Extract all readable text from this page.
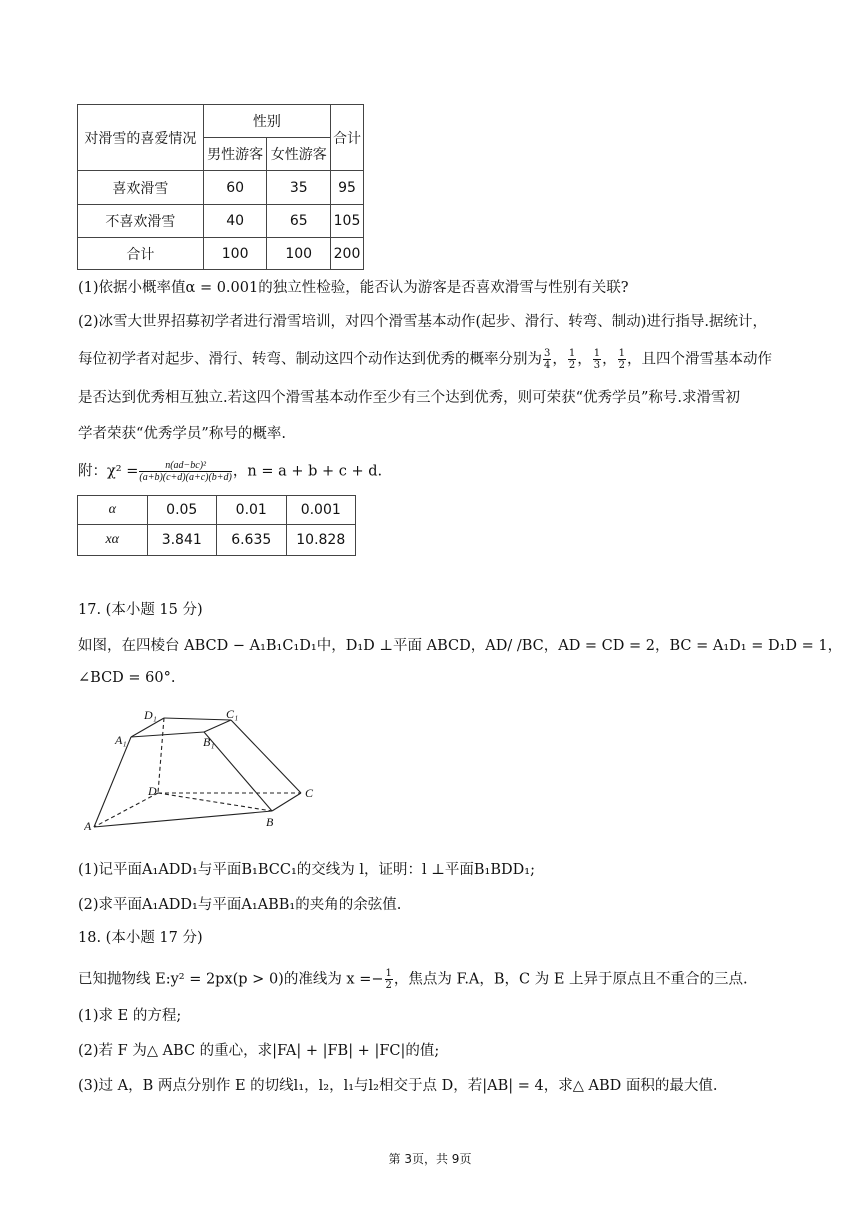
对滑雪的喜爱情况	性别		合计
	男性游客	女性游客	
喜欢滑雪	60	35	95
不喜欢滑雪	40	65	105
合计	100	100	200
(1)依据小概率值α = 0.001的独立性检验，能否认为游客是否喜欢滑雪与性别有关联?
(2)冰雪大世界招募初学者进行滑雪培训，对四个滑雪基本动作(起步、滑行、转弯、制动)进行指导.据统计，
每位初学者对起步、滑行、转弯、制动这四个动作达到优秀的概率分别为 $\frac{3}{4}$ ， $\frac{1}{2}$ ， $\frac{1}{3}$ ， $\frac{1}{2}$ ，且四个滑雪基本动作
是否达到优秀相互独立.若这四个滑雪基本动作至少有三个达到优秀，则可荣获“优秀学员”称号.求滑雪初
学者荣获“优秀学员”称号的概率.
附：$\chi^2 = \frac{\text{n(ad−bc)²}}{(a+b)(c+d)(a+c)(b+d)}$ ，n = a + b + c + d.
α	0.05	0.01	0.001
xα	3.841	6.635	10.828
17. (本小题 15 分)
如图，在四棱台 ABCD − A₁B₁C₁D₁中，D₁D ⊥平面 ABCD，AD/ /BC，AD = CD = 2，BC = A₁D₁ = D₁D = 1，
∠BCD = 60°.
D₁	C₁
A₁	B₁
D	C
A	B
(1)记平面A₁ADD₁与平面B₁BCC₁的交线为 l，证明：l ⊥平面B₁BDD₁;
(2)求平面A₁ADD₁与平面A₁ABB₁的夹角的余弦值.
18. (本小题 17 分)
已知抛物线 E:y² = 2px(p > 0)的准线为 $x =- \frac{1}{2}$ ，焦点为 F.A，B，C 为 E 上异于原点且不重合的三点.
(1)求 E 的方程;
(2)若 F 为△ ABC 的重心，求|FA| + |FB| + |FC|的值;
(3)过 A，B 两点分别作 E 的切线l₁，l₂，l₁与l₂相交于点 D，若|AB| = 4，求△ ABD 面积的最大值.
第 3页，共 9页
